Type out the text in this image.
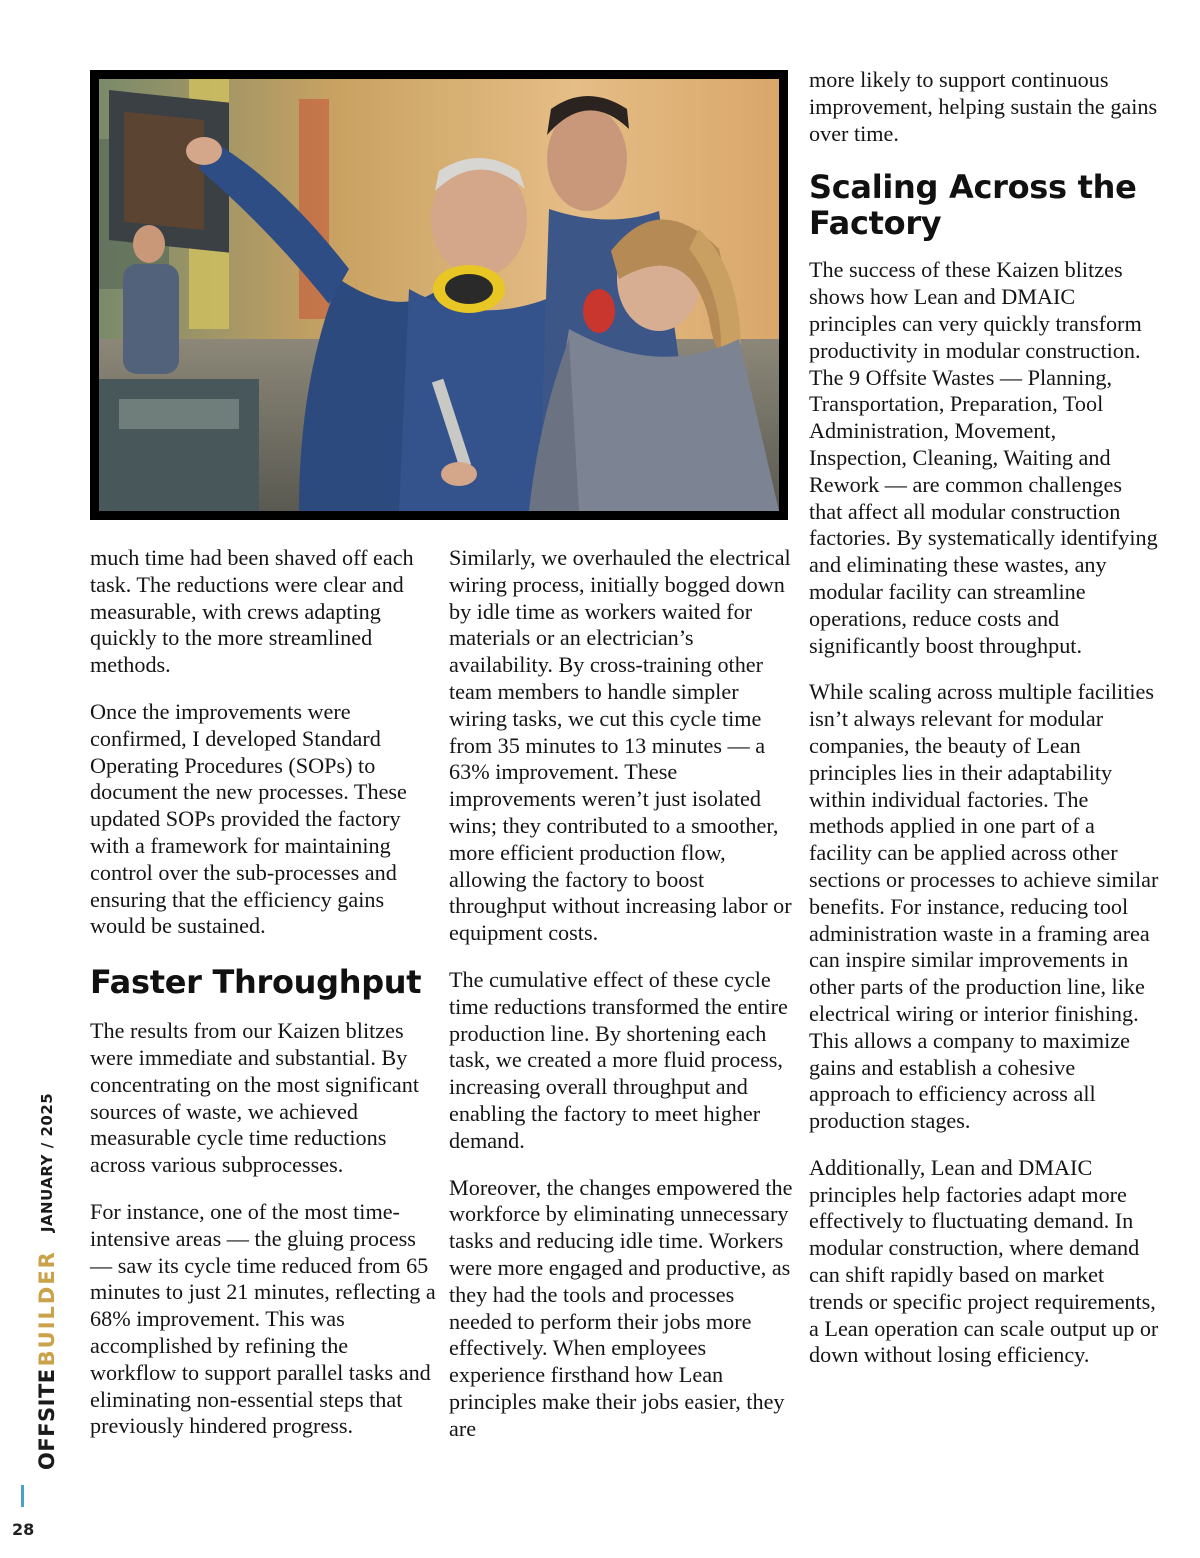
much time had been shaved off each task. The reductions were clear and measurable, with crews adapting quickly to the more streamlined methods.

Once the improvements were confirmed, I developed Standard Operating Procedures (SOPs) to document the new processes. These updated SOPs provided the factory with a framework for maintaining control over the sub-processes and ensuring that the efficiency gains would be sustained.

Faster Throughput

The results from our Kaizen blitzes were immediate and substantial. By concentrating on the most significant sources of waste, we achieved measurable cycle time reductions across various subprocesses.

For instance, one of the most time-intensive areas — the gluing process — saw its cycle time reduced from 65 minutes to just 21 minutes, reflecting a 68% improvement. This was accomplished by refining the workflow to support parallel tasks and eliminating non-essential steps that previously hindered progress.

Similarly, we overhauled the electrical wiring process, initially bogged down by idle time as workers waited for materials or an electrician’s availability. By cross-training other team members to handle simpler wiring tasks, we cut this cycle time from 35 minutes to 13 minutes — a 63% improvement. These improvements weren’t just isolated wins; they contributed to a smoother, more efficient production flow, allowing the factory to boost throughput without increasing labor or equipment costs.

The cumulative effect of these cycle time reductions transformed the entire production line. By shortening each task, we created a more fluid process, increasing overall throughput and enabling the factory to meet higher demand.

Moreover, the changes empowered the workforce by eliminating unnecessary tasks and reducing idle time. Workers were more engaged and productive, as they had the tools and processes needed to perform their jobs more effectively. When employees experience firsthand how Lean principles make their jobs easier, they are

more likely to support continuous improvement, helping sustain the gains over time.

Scaling Across the Factory

The success of these Kaizen blitzes shows how Lean and DMAIC principles can very quickly transform productivity in modular construction. The 9 Offsite Wastes — Planning, Transportation, Preparation, Tool Administration, Movement, Inspection, Cleaning, Waiting and Rework — are common challenges that affect all modular construction factories. By systematically identifying and eliminating these wastes, any modular facility can streamline operations, reduce costs and significantly boost throughput.

While scaling across multiple facilities isn’t always relevant for modular companies, the beauty of Lean principles lies in their adaptability within individual factories. The methods applied in one part of a facility can be applied across other sections or processes to achieve similar benefits. For instance, reducing tool administration waste in a framing area can inspire similar improvements in other parts of the production line, like electrical wiring or interior finishing. This allows a company to maximize gains and establish a cohesive approach to efficiency across all production stages.

Additionally, Lean and DMAIC principles help factories adapt more effectively to fluctuating demand. In modular construction, where demand can shift rapidly based on market trends or specific project requirements, a Lean operation can scale output up or down without losing efficiency.

OFFSITE
BUILDER
JANUARY / 2025
28
